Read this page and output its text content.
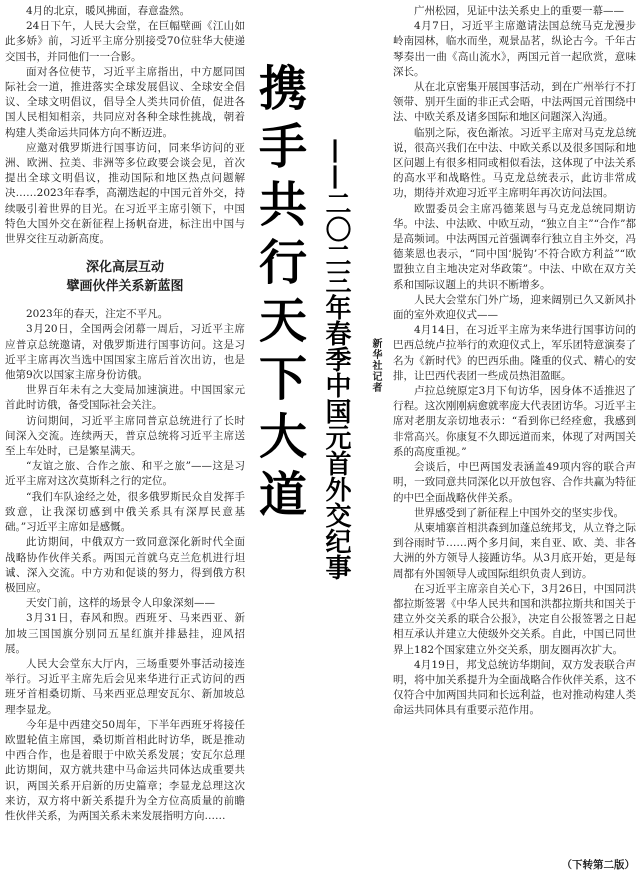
4月的北京，暖风拂面，春意盎然。

24日下午，人民大会堂，在巨幅壁画《江山如此多娇》前，习近平主席分别接受70位驻华大使递交国书，并同他们一一合影。

面对各位使节，习近平主席指出，中方愿同国际社会一道，推进落实全球发展倡议、全球安全倡议、全球文明倡议，倡导全人类共同价值，促进各国人民相知相亲，共同应对各种全球性挑战，朝着构建人类命运共同体方向不断迈进。

应邀对俄罗斯进行国事访问，同来华访问的亚洲、欧洲、拉美、非洲等多位政要会谈会见，首次提出全球文明倡议，推动国际和地区热点问题解决……2023年春季，高潮迭起的中国元首外交，持续吸引着世界的目光。在习近平主席引领下，中国特色大国外交在新征程上扬帆奋进，标注出中国与世界交往互动新高度。

深化高层互动
擘画伙伴关系新蓝图

2023年的春天，注定不平凡。

3月20日，全国两会闭幕一周后，习近平主席应普京总统邀请，对俄罗斯进行国事访问。这是习近平主席再次当选中国国家主席后首次出访，也是他第9次以国家主席身份访俄。

世界百年未有之大变局加速演进。中国国家元首此时访俄，备受国际社会关注。

访问期间，习近平主席同普京总统进行了长时间深入交流。连续两天，普京总统将习近平主席送至上车处时，已是繁星满天。

“友谊之旅、合作之旅、和平之旅”——这是习近平主席对这次莫斯科之行的定位。

“我们车队途经之处，很多俄罗斯民众自发挥手致意，让我深切感到中俄关系具有深厚民意基础。”习近平主席如是感慨。

此访期间，中俄双方一致同意深化新时代全面战略协作伙伴关系。两国元首就乌克兰危机进行坦诚、深入交流。中方劝和促谈的努力，得到俄方积极回应。

天安门前，这样的场景令人印象深刻——

3月31日，春风和煦。西班牙、马来西亚、新加坡三国国旗分别同五星红旗并排悬挂，迎风招展。

人民大会堂东大厅内，三场重要外事活动接连举行。习近平主席先后会见来华进行正式访问的西班牙首相桑切斯、马来西亚总理安瓦尔、新加坡总理李显龙。

今年是中西建交50周年，下半年西班牙将接任欧盟轮值主席国，桑切斯首相此时访华，既是推动中西合作，也是着眼于中欧关系发展；安瓦尔总理此访期间，双方就共建中马命运共同体达成重要共识，两国关系开启新的历史篇章；李显龙总理这次来访，双方将中新关系提升为全方位高质量的前瞻性伙伴关系，为两国关系未来发展指明方向……

携
手
共
行
天
下
大
道 ——二〇二三年春季中国元首外交纪事 新华社记者

广州松园，见证中法关系史上的重要一幕——

4月7日，习近平主席邀请法国总统马克龙漫步岭南园林，临水而坐，观景品茗，纵论古今。千年古琴奏出一曲《高山流水》，两国元首一起欣赏，意味深长。

从在北京密集开展国事活动，到在广州举行不打领带、别开生面的非正式会晤，中法两国元首围绕中法、中欧关系及诸多国际和地区问题深入沟通。

临别之际，夜色渐浓。习近平主席对马克龙总统说，很高兴我们在中法、中欧关系以及很多国际和地区问题上有很多相同或相似看法，这体现了中法关系的高水平和战略性。马克龙总统表示，此访非常成功，期待并欢迎习近平主席明年再次访问法国。

欧盟委员会主席冯德莱恩与马克龙总统同期访华。中法、中法欧、中欧互动，“独立自主”“合作”都是高频词。中法两国元首强调奉行独立自主外交，冯德莱恩也表示，“同中国‘脱钩’不符合欧方利益”“欧盟独立自主地决定对华政策”。中法、中欧在双方关系和国际议题上的共识不断增多。

人民大会堂东门外广场，迎来阔别已久又新风扑面的室外欢迎仪式——

4月14日，在习近平主席为来华进行国事访问的巴西总统卢拉举行的欢迎仪式上，军乐团特意演奏了名为《新时代》的巴西乐曲。隆重的仪式、精心的安排，让巴西代表团一些成员热泪盈眶。

卢拉总统原定3月下旬访华，因身体不适推迟了行程。这次刚刚病愈就率庞大代表团访华。习近平主席对老朋友亲切地表示：“看到你已经痊愈，我感到非常高兴。你康复不久即远道而来，体现了对两国关系的高度重视。”

会谈后，中巴两国发表涵盖49项内容的联合声明，一致同意共同深化以开放包容、合作共赢为特征的中巴全面战略伙伴关系。

世界感受到了新征程上中国外交的坚实步伐。

从柬埔寨首相洪森到加蓬总统邦戈，从立脊之际到谷雨时节……两个多月间，来自亚、欧、美、非各大洲的外方领导人接踵访华。从3月底开始，更是每周都有外国领导人或国际组织负责人到访。

在习近平主席亲自关心下，3月26日，中国同洪都拉斯签署《中华人民共和国和洪都拉斯共和国关于建立外交关系的联合公报》，决定自公报签署之日起相互承认并建立大使级外交关系。自此，中国已同世界上182个国家建立外交关系，朋友圈再次扩大。

4月19日，邦戈总统访华期间，双方发表联合声明，将中加关系提升为全面战略合作伙伴关系，这不仅符合中加两国共同和长远利益，也对推动构建人类命运共同体具有重要示范作用。

（下转第二版）
